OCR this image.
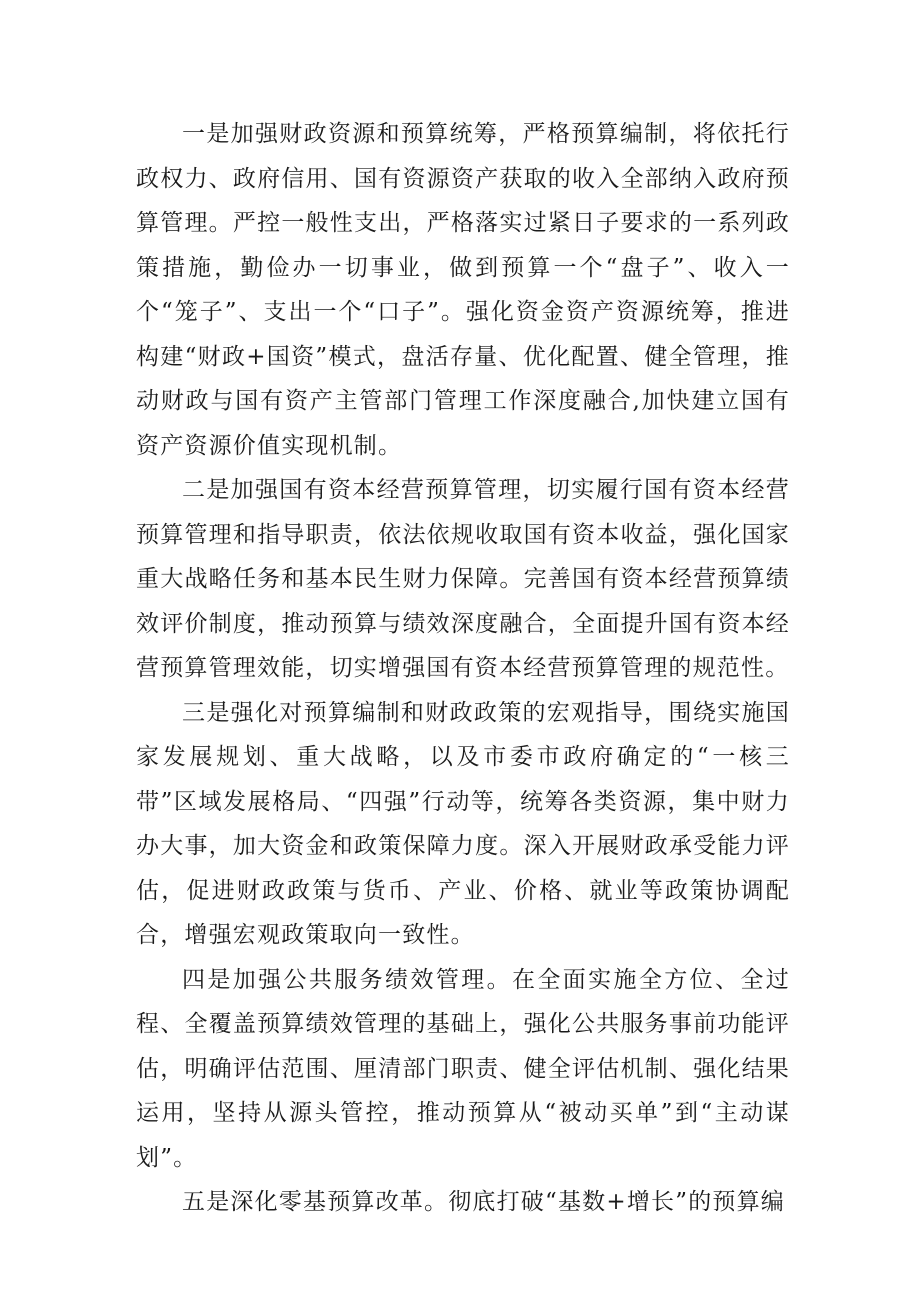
一是加强财政资源和预算统筹，严格预算编制，将依托行政权力、政府信用、国有资源资产获取的收入全部纳入政府预算管理。严控一般性支出，严格落实过紧日子要求的一系列政策措施，勤俭办一切事业，做到预算一个“盘子”、收入一个“笼子”、支出一个“口子”。强化资金资产资源统筹，推进构建“财政+国资”模式，盘活存量、优化配置、健全管理，推动财政与国有资产主管部门管理工作深度融合,加快建立国有资产资源价值实现机制。

二是加强国有资本经营预算管理，切实履行国有资本经营预算管理和指导职责，依法依规收取国有资本收益，强化国家重大战略任务和基本民生财力保障。完善国有资本经营预算绩效评价制度，推动预算与绩效深度融合，全面提升国有资本经营预算管理效能，切实增强国有资本经营预算管理的规范性。

三是强化对预算编制和财政政策的宏观指导，围绕实施国家发展规划、重大战略，以及市委市政府确定的“一核三带”区域发展格局、“四强”行动等，统筹各类资源，集中财力办大事，加大资金和政策保障力度。深入开展财政承受能力评估，促进财政政策与货币、产业、价格、就业等政策协调配合，增强宏观政策取向一致性。

四是加强公共服务绩效管理。在全面实施全方位、全过程、全覆盖预算绩效管理的基础上，强化公共服务事前功能评估，明确评估范围、厘清部门职责、健全评估机制、强化结果运用，坚持从源头管控，推动预算从“被动买单”到“主动谋划”。

五是深化零基预算改革。彻底打破“基数+增长”的预算编
